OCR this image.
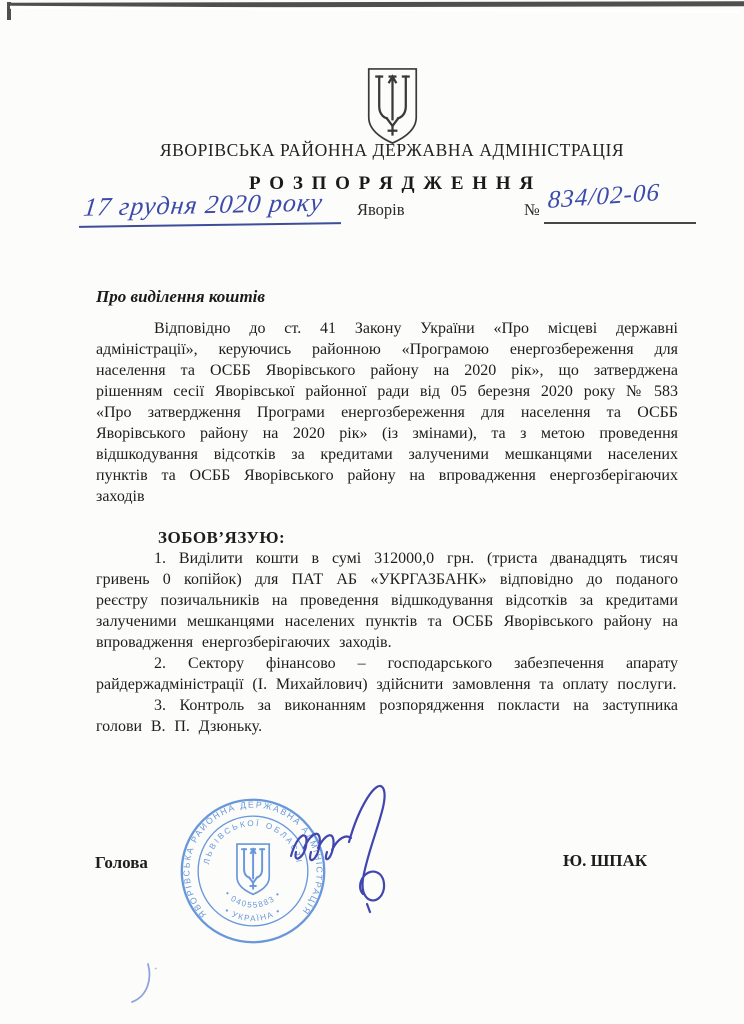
ЯВОРІВСЬКА РАЙОННА ДЕРЖАВНА АДМІНІСТРАЦІЯ
Р О З П О Р Я Д Ж Е Н Н Я
17 грудня 2020 року	Яворів	№ 834/02-06
Про виділення коштів

Відповідно до ст. 41 Закону України «Про місцеві державні адміністрації», керуючись районною «Програмою енергозбереження для населення та ОСББ Яворівського району на 2020 рік», що затверджена рішенням сесії Яворівської районної ради від 05 березня 2020 року № 583 «Про затвердження Програми енергозбереження для населення та ОСББ Яворівського району на 2020 рік» (із змінами), та з метою проведення відшкодування відсотків за кредитами залученими мешканцями населених пунктів та ОСББ Яворівського району на впровадження енергозберігаючих заходів

ЗОБОВ’ЯЗУЮ:

1. Виділити кошти в сумі 312000,0 грн. (триста дванадцять тисяч гривень 0 копійок) для ПАТ АБ «УКРГАЗБАНК» відповідно до поданого реєстру позичальників на проведення відшкодування відсотків за кредитами залученими мешканцями населених пунктів та ОСББ Яворівського району на впровадження енергозберігаючих заходів.

2. Сектору фінансово – господарського забезпечення апарату райдержадміністрації (І. Михайлович) здійснити замовлення та оплату послуги.

3. Контроль за виконанням розпорядження покласти на заступника голови В. П. Дзюньку.

Голова	Ю. ШПАК
ЯВОРІВСЬКА РАЙОННА ДЕРЖАВНА АДМІНІСТРАЦІЯ
ЛЬВІВСЬКОЇ ОБЛАСТІ
• 04055883 •
• УКРАЇНА •
